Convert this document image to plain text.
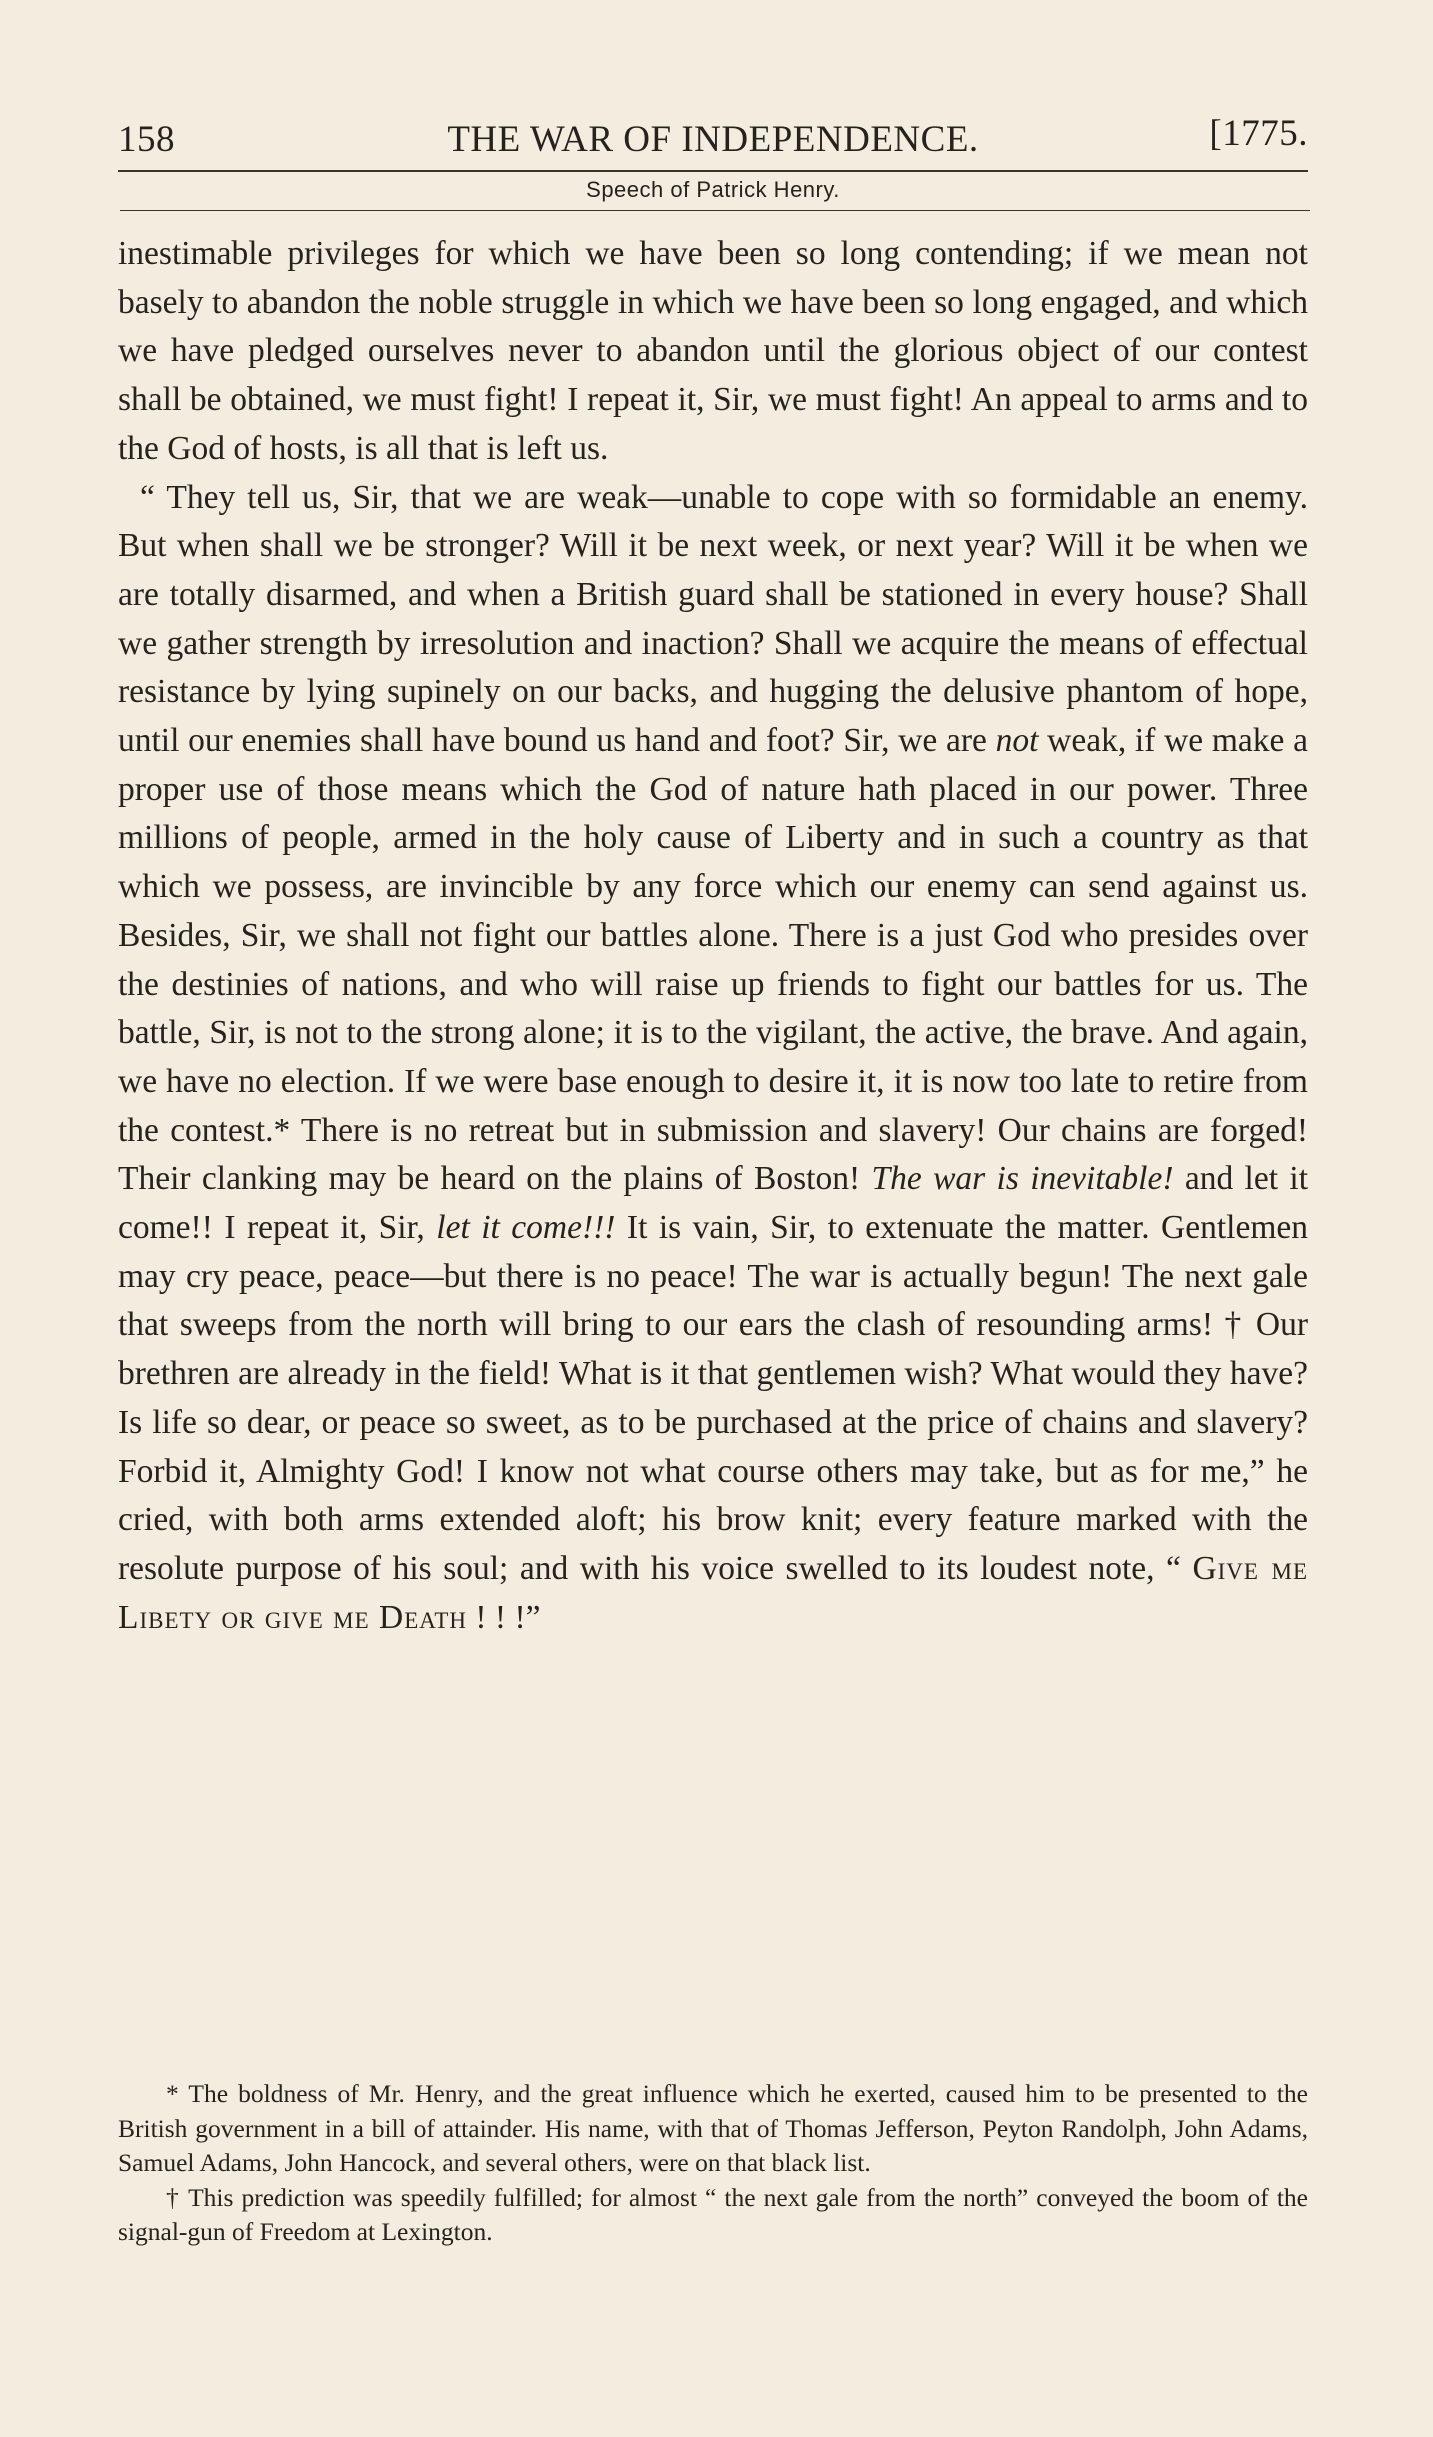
158	THE WAR OF INDEPENDENCE.	[1775.
Speech of Patrick Henry.

inestimable privileges for which we have been so long contending; if we mean not basely to abandon the noble struggle in which we have been so long engaged, and which we have pledged ourselves never to abandon until the glorious object of our contest shall be obtained, we must fight! I repeat it, Sir, we must fight! An appeal to arms and to the God of hosts, is all that is left us.

“ They tell us, Sir, that we are weak—unable to cope with so formidable an enemy. But when shall we be stronger? Will it be next week, or next year? Will it be when we are totally disarmed, and when a British guard shall be stationed in every house? Shall we gather strength by irresolution and inaction? Shall we acquire the means of effectual resistance by lying supinely on our backs, and hugging the delusive phantom of hope, until our enemies shall have bound us hand and foot? Sir, we are not weak, if we make a proper use of those means which the God of nature hath placed in our power. Three millions of people, armed in the holy cause of Liberty and in such a country as that which we possess, are invincible by any force which our enemy can send against us. Besides, Sir, we shall not fight our battles alone. There is a just God who presides over the destinies of nations, and who will raise up friends to fight our battles for us. The battle, Sir, is not to the strong alone; it is to the vigilant, the active, the brave. And again, we have no election. If we were base enough to desire it, it is now too late to retire from the contest.* There is no retreat but in submission and slavery! Our chains are forged! Their clanking may be heard on the plains of Boston! The war is inevitable! and let it come!! I repeat it, Sir, let it come!!! It is vain, Sir, to extenuate the matter. Gentlemen may cry peace, peace—but there is no peace! The war is actually begun! The next gale that sweeps from the north will bring to our ears the clash of resounding arms! † Our brethren are already in the field! What is it that gentlemen wish? What would they have? Is life so dear, or peace so sweet, as to be purchased at the price of chains and slavery? Forbid it, Almighty God! I know not what course others may take, but as for me,” he cried, with both arms extended aloft; his brow knit; every feature marked with the resolute purpose of his soul; and with his voice swelled to its loudest note, “ Give me Libety or give me Death ! ! !”

* The boldness of Mr. Henry, and the great influence which he exerted, caused him to be presented to the British government in a bill of attainder. His name, with that of Thomas Jefferson, Peyton Randolph, John Adams, Samuel Adams, John Hancock, and several others, were on that black list.

† This prediction was speedily fulfilled; for almost “ the next gale from the north” conveyed the boom of the signal-gun of Freedom at Lexington.
